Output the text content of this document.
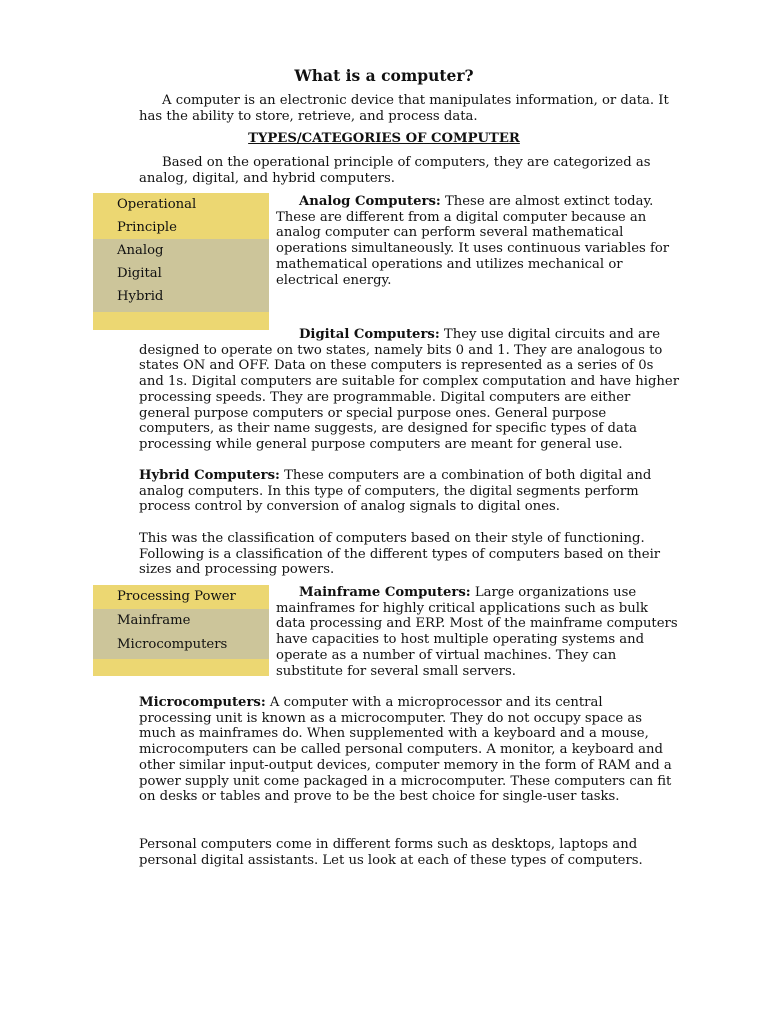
What is a computer?

A computer is an electronic device that manipulates information, or data. It has the ability to store, retrieve, and process data.

TYPES/CATEGORIES OF COMPUTER

Based on the operational principle of computers, they are categorized as analog, digital, and hybrid computers.

Operational
Principle
Analog
Digital
Hybrid

Analog Computers: These are almost extinct today. These are different from a digital computer because an analog computer can perform several mathematical operations simultaneously. It uses continuous variables for mathematical operations and utilizes mechanical or electrical energy.

Digital Computers: They use digital circuits and are designed to operate on two states, namely bits 0 and 1. They are analogous to states ON and OFF. Data on these computers is represented as a series of 0s and 1s. Digital computers are suitable for complex computation and have higher processing speeds. They are programmable. Digital computers are either general purpose computers or special purpose ones. General purpose computers, as their name suggests, are designed for specific types of data processing while general purpose computers are meant for general use.

Hybrid Computers: These computers are a combination of both digital and analog computers. In this type of computers, the digital segments perform process control by conversion of analog signals to digital ones.

This was the classification of computers based on their style of functioning. Following is a classification of the different types of computers based on their sizes and processing powers.

Processing Power
Mainframe
Microcomputers

Mainframe Computers: Large organizations use mainframes for highly critical applications such as bulk data processing and ERP. Most of the mainframe computers have capacities to host multiple operating systems and operate as a number of virtual machines. They can substitute for several small servers.

Microcomputers: A computer with a microprocessor and its central processing unit is known as a microcomputer. They do not occupy space as much as mainframes do. When supplemented with a keyboard and a mouse, microcomputers can be called personal computers. A monitor, a keyboard and other similar input-output devices, computer memory in the form of RAM and a power supply unit come packaged in a microcomputer. These computers can fit on desks or tables and prove to be the best choice for single-user tasks.

Personal computers come in different forms such as desktops, laptops and personal digital assistants. Let us look at each of these types of computers.
